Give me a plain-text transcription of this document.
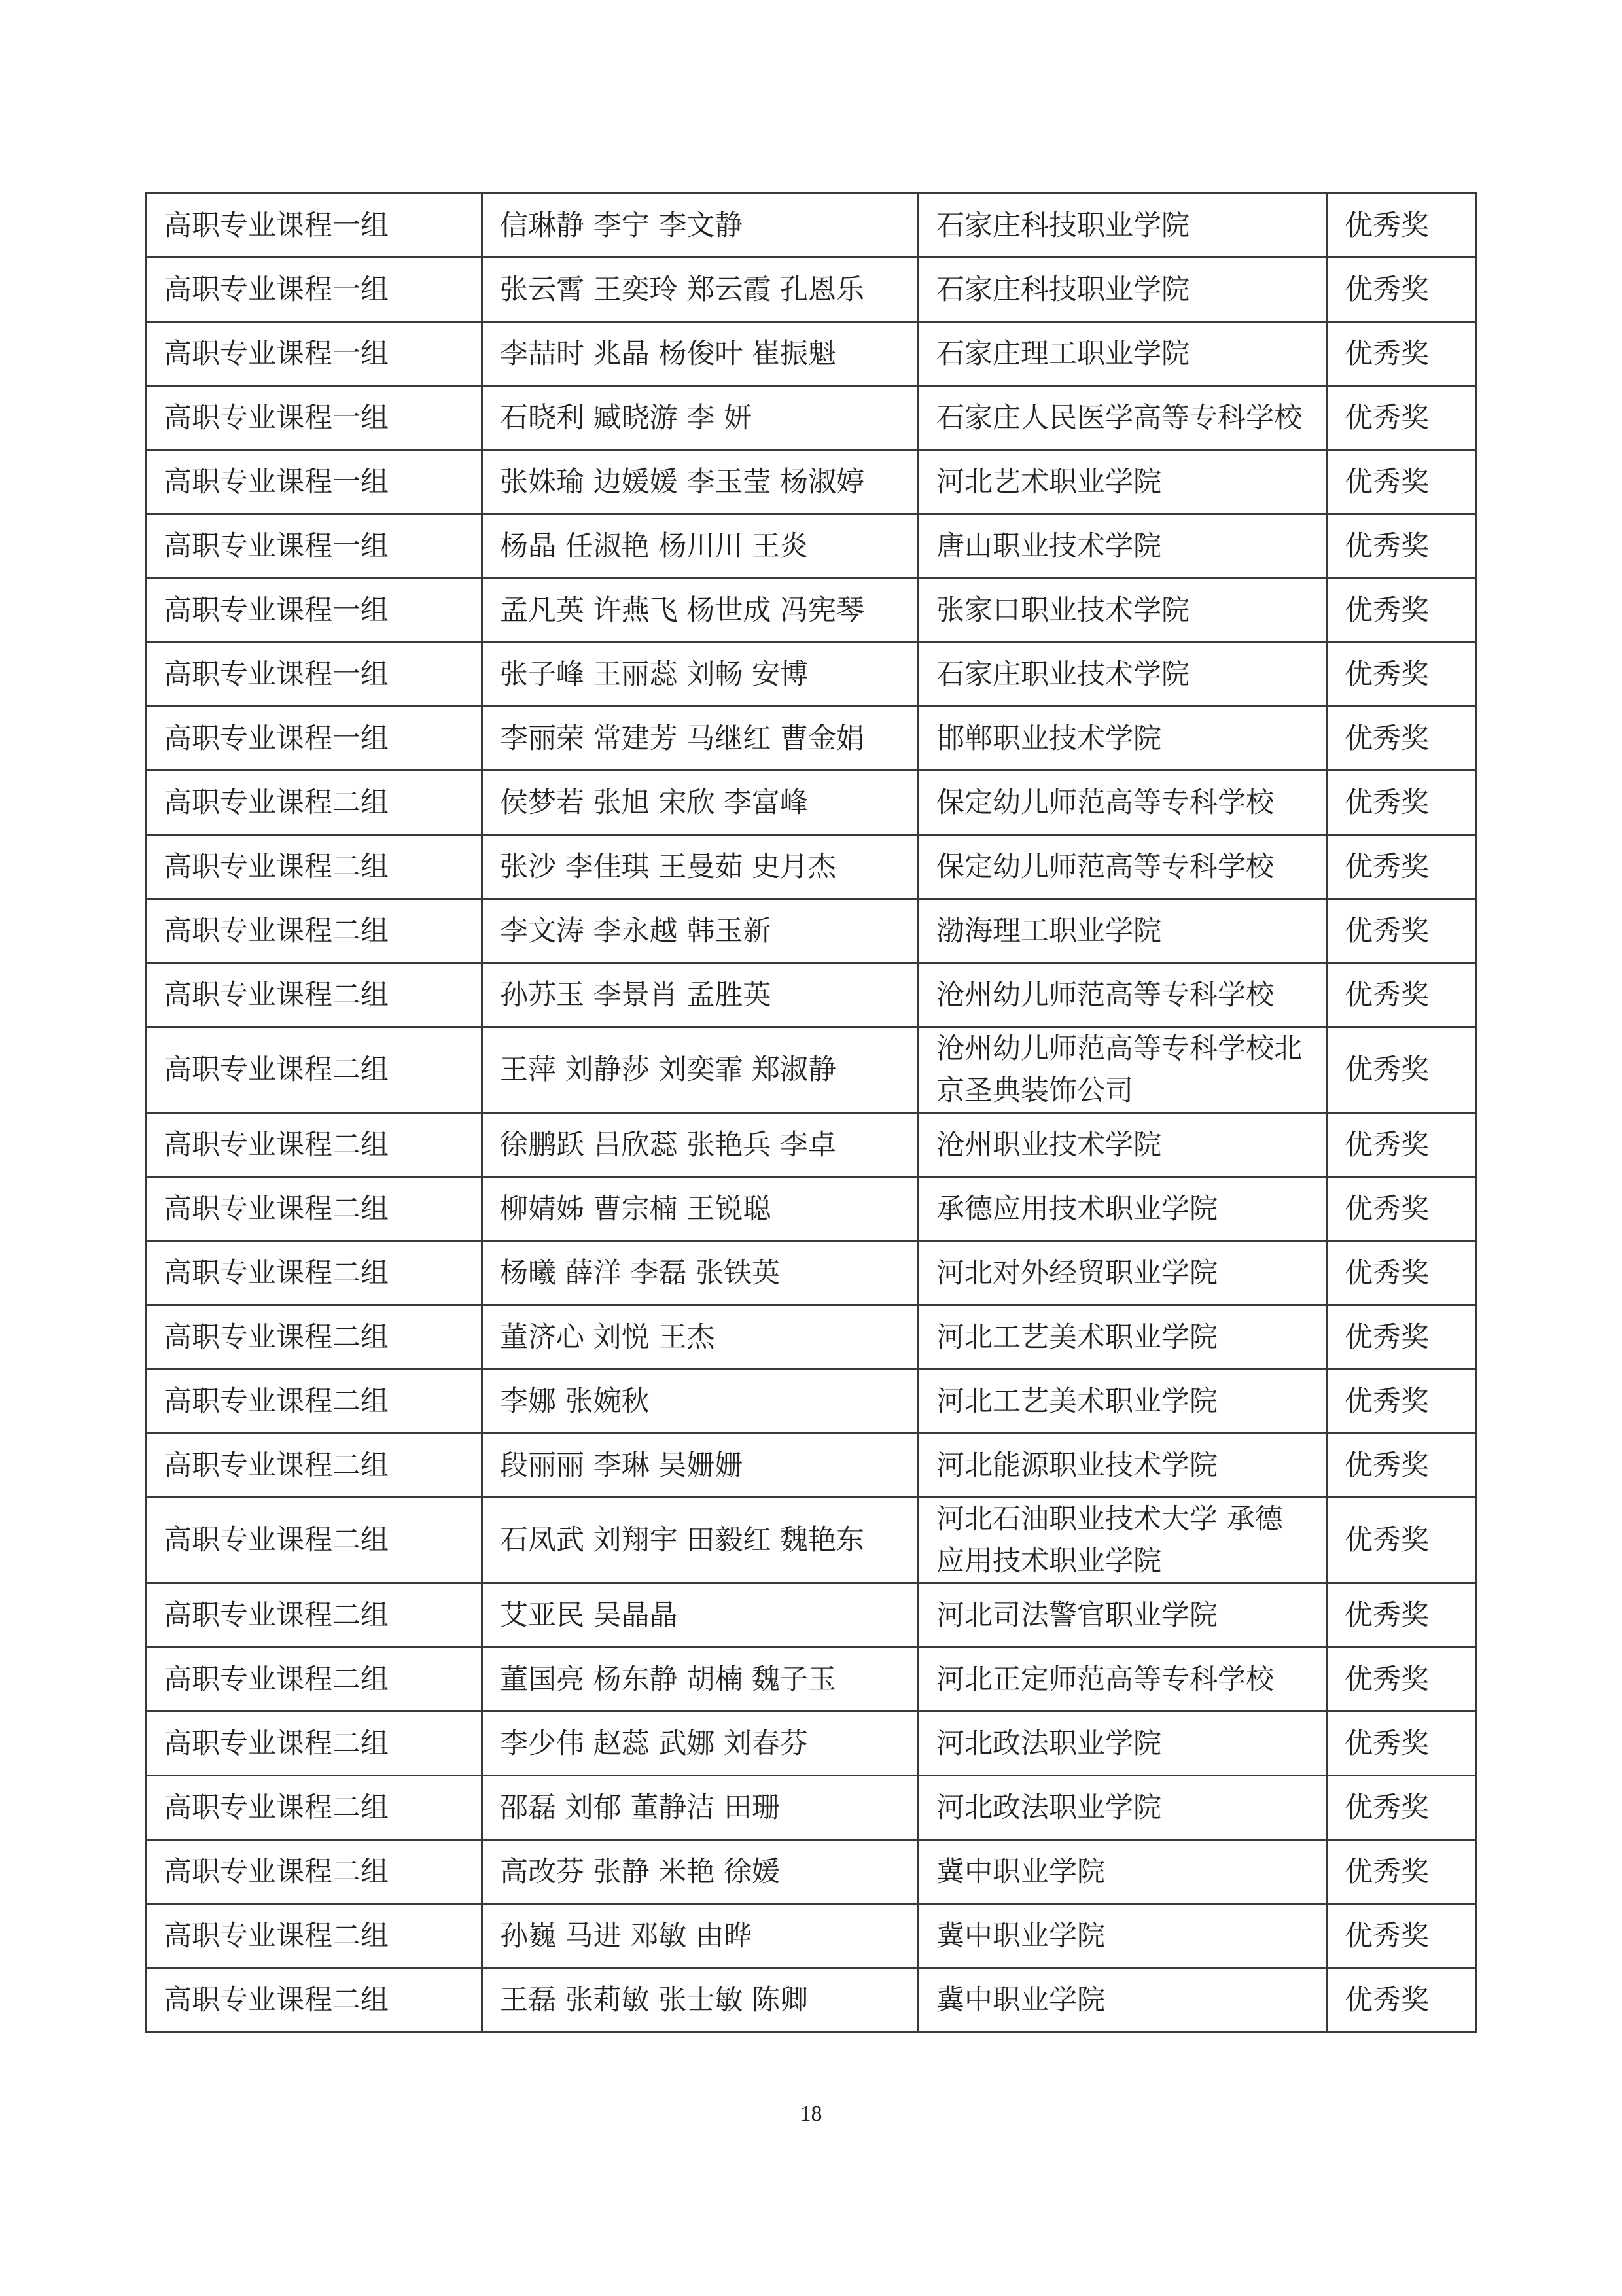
高职专业课程一组	信琳静 李宁 李文静	石家庄科技职业学院	优秀奖
高职专业课程一组	张云霄 王奕玲 郑云霞 孔恩乐	石家庄科技职业学院	优秀奖
高职专业课程一组	李喆时 兆晶 杨俊叶 崔振魁	石家庄理工职业学院	优秀奖
高职专业课程一组	石晓利 臧晓游 李 妍	石家庄人民医学高等专科学校	优秀奖
高职专业课程一组	张姝瑜 边媛媛 李玉莹 杨淑婷	河北艺术职业学院	优秀奖
高职专业课程一组	杨晶 任淑艳 杨川川 王炎	唐山职业技术学院	优秀奖
高职专业课程一组	孟凡英 许燕飞 杨世成 冯宪琴	张家口职业技术学院	优秀奖
高职专业课程一组	张子峰 王丽蕊 刘畅 安博	石家庄职业技术学院	优秀奖
高职专业课程一组	李丽荣 常建芳 马继红 曹金娟	邯郸职业技术学院	优秀奖
高职专业课程二组	侯梦若 张旭 宋欣 李富峰	保定幼儿师范高等专科学校	优秀奖
高职专业课程二组	张沙 李佳琪 王曼茹 史月杰	保定幼儿师范高等专科学校	优秀奖
高职专业课程二组	李文涛 李永越 韩玉新	渤海理工职业学院	优秀奖
高职专业课程二组	孙苏玉 李景肖 孟胜英	沧州幼儿师范高等专科学校	优秀奖
高职专业课程二组	王萍 刘静莎 刘奕霏 郑淑静	沧州幼儿师范高等专科学校北京圣典装饰公司	优秀奖
高职专业课程二组	徐鹏跃 吕欣蕊 张艳兵 李卓	沧州职业技术学院	优秀奖
高职专业课程二组	柳婧姊 曹宗楠 王锐聪	承德应用技术职业学院	优秀奖
高职专业课程二组	杨曦 薛洋 李磊 张铁英	河北对外经贸职业学院	优秀奖
高职专业课程二组	董济心 刘悦 王杰	河北工艺美术职业学院	优秀奖
高职专业课程二组	李娜 张婉秋	河北工艺美术职业学院	优秀奖
高职专业课程二组	段丽丽 李琳 吴姗姗	河北能源职业技术学院	优秀奖
高职专业课程二组	石凤武 刘翔宇 田毅红 魏艳东	河北石油职业技术大学 承德应用技术职业学院	优秀奖
高职专业课程二组	艾亚民 吴晶晶	河北司法警官职业学院	优秀奖
高职专业课程二组	董国亮 杨东静 胡楠 魏子玉	河北正定师范高等专科学校	优秀奖
高职专业课程二组	李少伟 赵蕊 武娜 刘春芬	河北政法职业学院	优秀奖
高职专业课程二组	邵磊 刘郁 董静洁 田珊	河北政法职业学院	优秀奖
高职专业课程二组	高改芬 张静 米艳 徐媛	冀中职业学院	优秀奖
高职专业课程二组	孙巍 马进 邓敏 由晔	冀中职业学院	优秀奖
高职专业课程二组	王磊 张莉敏 张士敏 陈卿	冀中职业学院	优秀奖
18
